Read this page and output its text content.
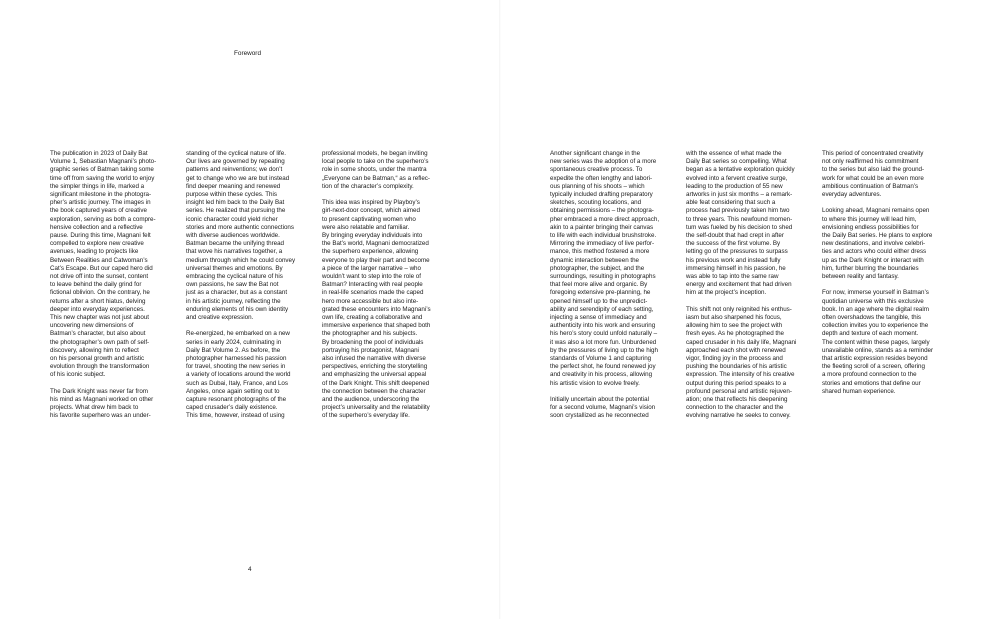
Foreword

The publication in 2023 of Daily Bat
Volume 1, Sebastian Magnani’s photo-
graphic series of Batman taking some
time off from saving the world to enjoy
the simpler things in life, marked a
significant milestone in the photogra-
pher’s artistic journey. The images in
the book captured years of creative
exploration, serving as both a compre-
hensive collection and a reflective
pause. During this time, Magnani felt
compelled to explore new creative
avenues, leading to projects like
Between Realities and Catwoman’s
Cat’s Escape. But our caped hero did
not drive off into the sunset, content
to leave behind the daily grind for
fictional oblivion. On the contrary, he
returns after a short hiatus, delving
deeper into everyday experiences.
This new chapter was not just about
uncovering new dimensions of
Batman’s character, but also about
the photographer’s own path of self-
discovery, allowing him to reflect
on his personal growth and artistic
evolution through the transformation
of his iconic subject.

The Dark Knight was never far from
his mind as Magnani worked on other
projects. What drew him back to
his favorite superhero was an under-

standing of the cyclical nature of life.
Our lives are governed by repeating
patterns and reinventions; we don’t
get to change who we are but instead
find deeper meaning and renewed
purpose within these cycles. This
insight led him back to the Daily Bat
series. He realized that pursuing the
iconic character could yield richer
stories and more authentic connections
with diverse audiences worldwide.
Batman became the unifying thread
that wove his narratives together, a
medium through which he could convey
universal themes and emotions. By
embracing the cyclical nature of his
own passions, he saw the Bat not
just as a character, but as a constant
in his artistic journey, reflecting the
enduring elements of his own identity
and creative expression.

Re-energized, he embarked on a new
series in early 2024, culminating in
Daily Bat Volume 2. As before, the
photographer harnessed his passion
for travel, shooting the new series in
a variety of locations around the world
such as Dubai, Italy, France, and Los
Angeles, once again setting out to
capture resonant photographs of the
caped crusader’s daily existence.
This time, however, instead of using

professional models, he began inviting
local people to take on the superhero’s
role in some shoots, under the mantra
„Everyone can be Batman,“ as a reflec-
tion of the character’s complexity.

This idea was inspired by Playboy’s
girl-next-door concept, which aimed
to present captivating women who
were also relatable and familiar.
By bringing everyday individuals into
the Bat’s world, Magnani democratized
the superhero experience, allowing
everyone to play their part and become
a piece of the larger narrative – who
wouldn’t want to step into the role of
Batman? Interacting with real people
in real-life scenarios made the caped
hero more accessible but also inte-
grated these encounters into Magnani’s
own life, creating a collaborative and
immersive experience that shaped both
the photographer and his subjects.
By broadening the pool of individuals
portraying his protagonist, Magnani
also infused the narrative with diverse
perspectives, enriching the storytelling
and emphasizing the universal appeal
of the Dark Knight. This shift deepened
the connection between the character
and the audience, underscoring the
project’s universality and the relatability
of the superhero’s everyday life.

Another significant change in the
new series was the adoption of a more
spontaneous creative process. To
expedite the often lengthy and labori-
ous planning of his shoots – which
typically included drafting preparatory
sketches, scouting locations, and
obtaining permissions – the photogra-
pher embraced a more direct approach,
akin to a painter bringing their canvas
to life with each individual brushstroke.
Mirroring the immediacy of live perfor-
mance, this method fostered a more
dynamic interaction between the
photographer, the subject, and the
surroundings, resulting in photographs
that feel more alive and organic. By
foregoing extensive pre-planning, he
opened himself up to the unpredict-
ability and serendipity of each setting,
injecting a sense of immediacy and
authenticity into his work and ensuring
his hero’s story could unfold naturally –
it was also a lot more fun. Unburdened
by the pressures of living up to the high
standards of Volume 1 and capturing
the perfect shot, he found renewed joy
and creativity in his process, allowing
his artistic vision to evolve freely.

Initially uncertain about the potential
for a second volume, Magnani’s vision
soon crystallized as he reconnected

with the essence of what made the
Daily Bat series so compelling. What
began as a tentative exploration quickly
evolved into a fervent creative surge,
leading to the production of 55 new
artworks in just six months – a remark-
able feat considering that such a
process had previously taken him two
to three years. This newfound momen-
tum was fueled by his decision to shed
the self-doubt that had crept in after
the success of the first volume. By
letting go of the pressures to surpass
his previous work and instead fully
immersing himself in his passion, he
was able to tap into the same raw
energy and excitement that had driven
him at the project’s inception.

This shift not only reignited his enthus-
iasm but also sharpened his focus,
allowing him to see the project with
fresh eyes. As he photographed the
caped crusader in his daily life, Magnani
approached each shot with renewed
vigor, finding joy in the process and
pushing the boundaries of his artistic
expression. The intensity of his creative
output during this period speaks to a
profound personal and artistic rejuven-
ation; one that reflects his deepening
connection to the character and the
evolving narrative he seeks to convey.

This period of concentrated creativity
not only reaffirmed his commitment
to the series but also laid the ground-
work for what could be an even more
ambitious continuation of Batman’s
everyday adventures.

Looking ahead, Magnani remains open
to where this journey will lead him,
envisioning endless possibilities for
the Daily Bat series. He plans to explore
new destinations, and involve celebri-
ties and actors who could either dress
up as the Dark Knight or interact with
him, further blurring the boundaries
between reality and fantasy.

For now, immerse yourself in Batman’s
quotidian universe with this exclusive
book. In an age where the digital realm
often overshadows the tangible, this
collection invites you to experience the
depth and texture of each moment.
The content within these pages, largely
unavailable online, stands as a reminder
that artistic expression resides beyond
the fleeting scroll of a screen, offering
a more profound connection to the
stories and emotions that define our
shared human experience.

4
